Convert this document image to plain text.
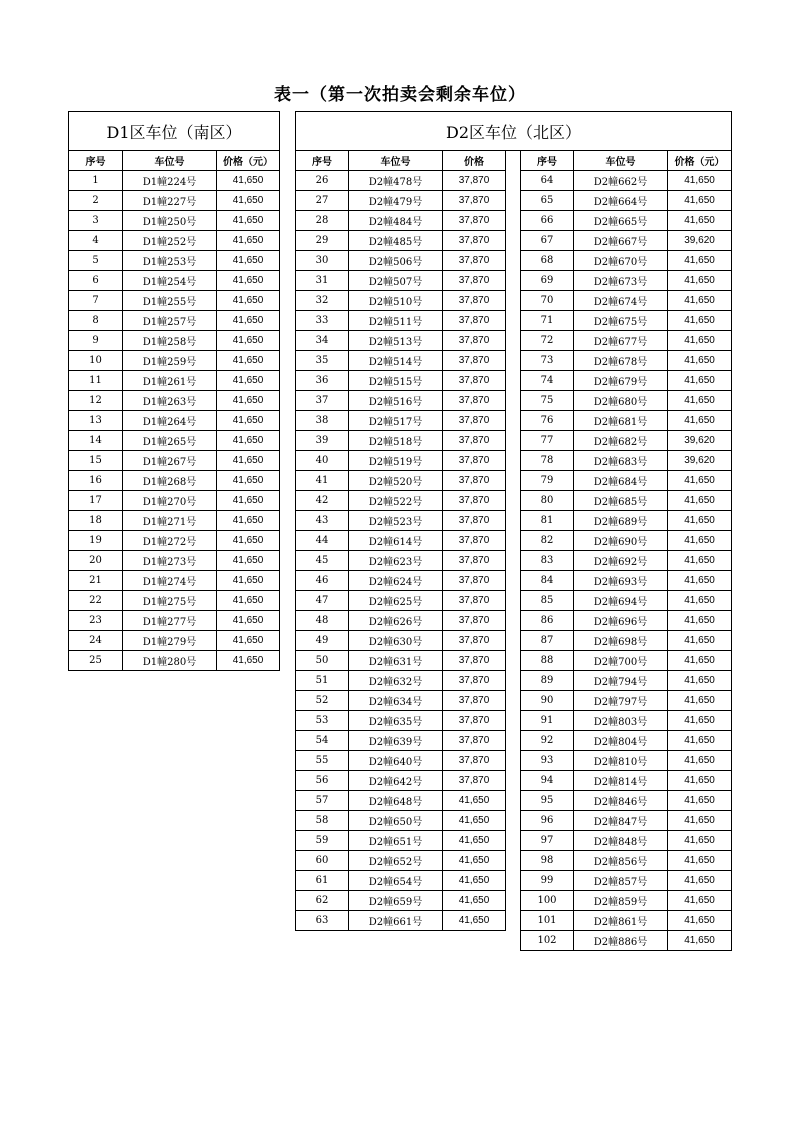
表一（第一次拍卖会剩余车位）
D1区车位（南区）		
序号	车位号	价格（元）
1	D1幢224号	41,650
2	D1幢227号	41,650
3	D1幢250号	41,650
4	D1幢252号	41,650
5	D1幢253号	41,650
6	D1幢254号	41,650
7	D1幢255号	41,650
8	D1幢257号	41,650
9	D1幢258号	41,650
10	D1幢259号	41,650
11	D1幢261号	41,650
12	D1幢263号	41,650
13	D1幢264号	41,650
14	D1幢265号	41,650
15	D1幢267号	41,650
16	D1幢268号	41,650
17	D1幢270号	41,650
18	D1幢271号	41,650
19	D1幢272号	41,650
20	D1幢273号	41,650
21	D1幢274号	41,650
22	D1幢275号	41,650
23	D1幢277号	41,650
24	D1幢279号	41,650
25	D1幢280号	41,650
D2区车位（北区）						
序号	车位号	价格		序号	车位号	价格（元）
26	D2幢478号	37,870		64	D2幢662号	41,650
27	D2幢479号	37,870		65	D2幢664号	41,650
28	D2幢484号	37,870		66	D2幢665号	41,650
29	D2幢485号	37,870		67	D2幢667号	39,620
30	D2幢506号	37,870		68	D2幢670号	41,650
31	D2幢507号	37,870		69	D2幢673号	41,650
32	D2幢510号	37,870		70	D2幢674号	41,650
33	D2幢511号	37,870		71	D2幢675号	41,650
34	D2幢513号	37,870		72	D2幢677号	41,650
35	D2幢514号	37,870		73	D2幢678号	41,650
36	D2幢515号	37,870		74	D2幢679号	41,650
37	D2幢516号	37,870		75	D2幢680号	41,650
38	D2幢517号	37,870		76	D2幢681号	41,650
39	D2幢518号	37,870		77	D2幢682号	39,620
40	D2幢519号	37,870		78	D2幢683号	39,620
41	D2幢520号	37,870		79	D2幢684号	41,650
42	D2幢522号	37,870		80	D2幢685号	41,650
43	D2幢523号	37,870		81	D2幢689号	41,650
44	D2幢614号	37,870		82	D2幢690号	41,650
45	D2幢623号	37,870		83	D2幢692号	41,650
46	D2幢624号	37,870		84	D2幢693号	41,650
47	D2幢625号	37,870		85	D2幢694号	41,650
48	D2幢626号	37,870		86	D2幢696号	41,650
49	D2幢630号	37,870		87	D2幢698号	41,650
50	D2幢631号	37,870		88	D2幢700号	41,650
51	D2幢632号	37,870		89	D2幢794号	41,650
52	D2幢634号	37,870		90	D2幢797号	41,650
53	D2幢635号	37,870		91	D2幢803号	41,650
54	D2幢639号	37,870		92	D2幢804号	41,650
55	D2幢640号	37,870		93	D2幢810号	41,650
56	D2幢642号	37,870		94	D2幢814号	41,650
57	D2幢648号	41,650		95	D2幢846号	41,650
58	D2幢650号	41,650		96	D2幢847号	41,650
59	D2幢651号	41,650		97	D2幢848号	41,650
60	D2幢652号	41,650		98	D2幢856号	41,650
61	D2幢654号	41,650		99	D2幢857号	41,650
62	D2幢659号	41,650		100	D2幢859号	41,650
63	D2幢661号	41,650		101	D2幢861号	41,650
				102	D2幢886号	41,650
